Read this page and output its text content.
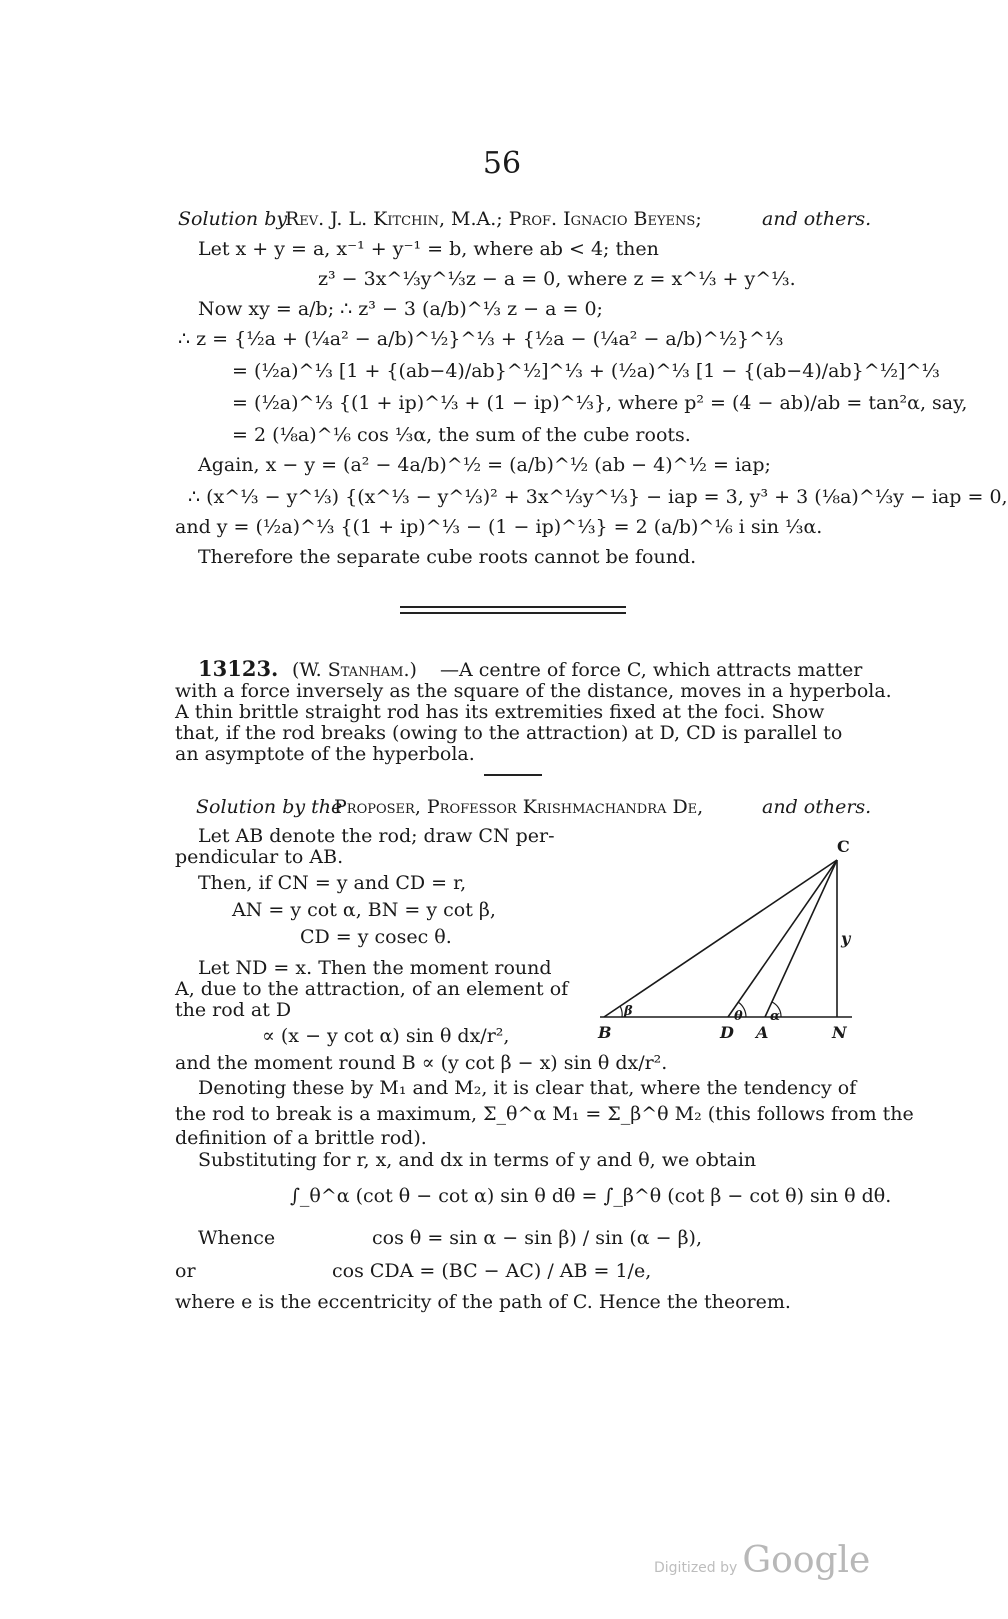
56
Solution by
Rev. J. L. Kitchin, M.A.; Prof. Ignacio Beyens;	and others.
Let x + y = a, x⁻¹ + y⁻¹ = b, where ab < 4; then
z³ − 3x^⅓y^⅓z − a = 0, where z = x^⅓ + y^⅓.
Now xy = a/b; ∴ z³ − 3 (a/b)^⅓ z − a = 0;
∴ z = {½a + (¼a² − a/b)^½}^⅓ + {½a − (¼a² − a/b)^½}^⅓
= (½a)^⅓ [1 + {(ab−4)/ab}^½]^⅓ + (½a)^⅓ [1 − {(ab−4)/ab}^½]^⅓
= (½a)^⅓ {(1 + ip)^⅓ + (1 − ip)^⅓}, where p² = (4 − ab)/ab = tan²α, say,
= 2 (⅛a)^⅙ cos ⅓α, the sum of the cube roots.
Again, x − y = (a² − 4a/b)^½ = (a/b)^½ (ab − 4)^½ = iap;
∴ (x^⅓ − y^⅓) {(x^⅓ − y^⅓)² + 3x^⅓y^⅓} − iap = 3, y³ + 3 (⅛a)^⅓y − iap = 0,
and y = (½a)^⅓ {(1 + ip)^⅓ − (1 − ip)^⅓} = 2 (a/b)^⅙ i sin ⅓α.
Therefore the separate cube roots cannot be found.
13123. (W. Stanham.) —A centre of force C, which attracts matter
with a force inversely as the square of the distance, moves in a hyperbola.
A thin brittle straight rod has its extremities fixed at the foci. Show
that, if the rod breaks (owing to the attraction) at D, CD is parallel to
an asymptote of the hyperbola.
Solution by the
Proposer, Professor Krishmachandra De,	and others.
Let AB denote the rod; draw CN per-
pendicular to AB.
Then, if CN = y and CD = r,
AN = y cot α, BN = y cot β,
CD = y cosec θ.
Let ND = x. Then the moment round
A, due to the attraction, of an element of
the rod at D
∝ (x − y cot α) sin θ dx/r²,
and the moment round B ∝ (y cot β − x) sin θ dx/r².
Denoting these by M₁ and M₂, it is clear that, where the tendency of
the rod to break is a maximum, Σ_θ^α M₁ = Σ_β^θ M₂ (this follows from the
definition of a brittle rod).
Substituting for r, x, and dx in terms of y and θ, we obtain
∫_θ^α (cot θ − cot α) sin θ dθ = ∫_β^θ (cot β − cot θ) sin θ dθ.
Whence	cos θ = sin α − sin β) / sin (α − β),
or	cos CDA = (BC − AC) / AB = 1/e,
where e is the eccentricity of the path of C. Hence the theorem.
C
B	D A	N
y
β	θ α
Digitized by Google
